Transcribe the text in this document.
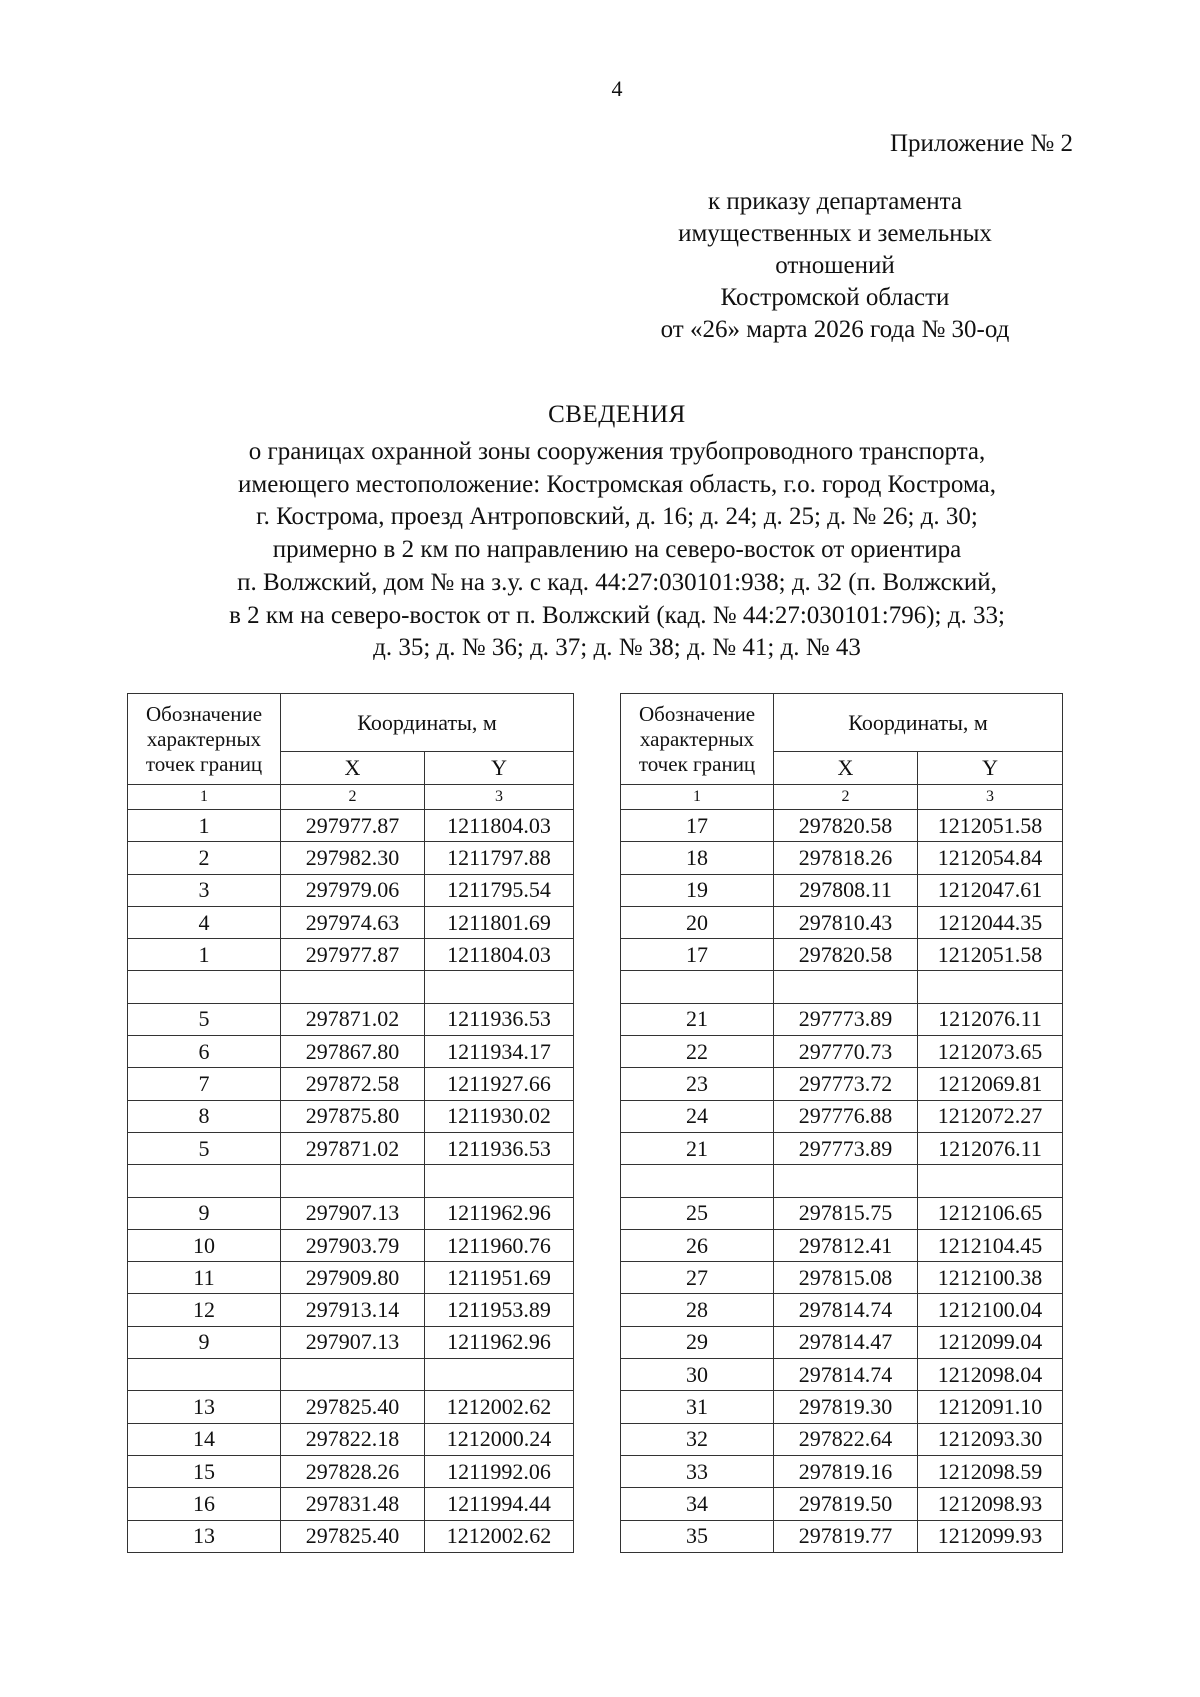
4
Приложение № 2
к приказу департамента
имущественных и земельных
отношений
Костромской области
от «26» марта 2026 года № 30-од
СВЕДЕНИЯ
о границах охранной зоны сооружения трубопроводного транспорта,
имеющего местоположение: Костромская область, г.о. город Кострома,
г. Кострома, проезд Антроповский, д. 16; д. 24; д. 25; д. № 26; д. 30;
примерно в 2 км по направлению на северо-восток от ориентира
п. Волжский, дом № на з.у. с кад. 44:27:030101:938; д. 32 (п. Волжский,
в 2 км на северо-восток от п. Волжский (кад. № 44:27:030101:796); д. 33;
д. 35; д. № 36; д. 37; д. № 38; д. № 41; д. № 43
Обозначение
характерных
точек границ	Координаты, м	
	X	Y
1	2	3
1	297977.87	1211804.03
2	297982.30	1211797.88
3	297979.06	1211795.54
4	297974.63	1211801.69
1	297977.87	1211804.03

5	297871.02	1211936.53
6	297867.80	1211934.17
7	297872.58	1211927.66
8	297875.80	1211930.02
5	297871.02	1211936.53

9	297907.13	1211962.96
10	297903.79	1211960.76
11	297909.80	1211951.69
12	297913.14	1211953.89
9	297907.13	1211962.96

13	297825.40	1212002.62
14	297822.18	1212000.24
15	297828.26	1211992.06
16	297831.48	1211994.44
13	297825.40	1212002.62
Обозначение
характерных
точек границ	Координаты, м	
	X	Y
1	2	3
17	297820.58	1212051.58
18	297818.26	1212054.84
19	297808.11	1212047.61
20	297810.43	1212044.35
17	297820.58	1212051.58

21	297773.89	1212076.11
22	297770.73	1212073.65
23	297773.72	1212069.81
24	297776.88	1212072.27
21	297773.89	1212076.11

25	297815.75	1212106.65
26	297812.41	1212104.45
27	297815.08	1212100.38
28	297814.74	1212100.04
29	297814.47	1212099.04
30	297814.74	1212098.04
31	297819.30	1212091.10
32	297822.64	1212093.30
33	297819.16	1212098.59
34	297819.50	1212098.93
35	297819.77	1212099.93
